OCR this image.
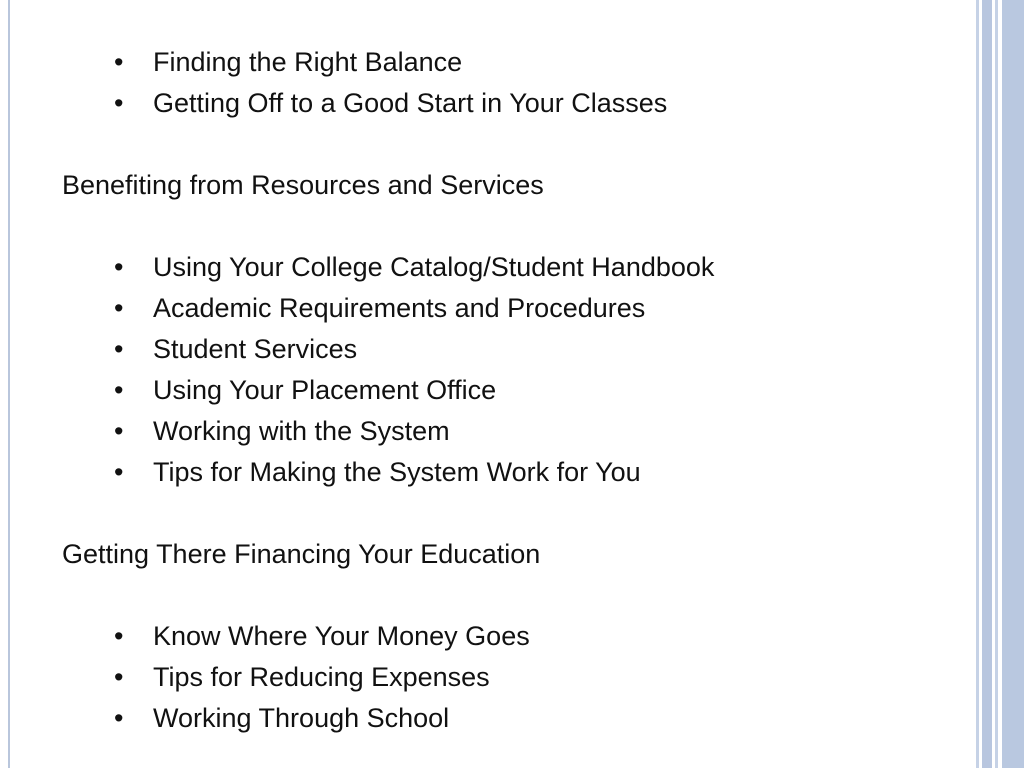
• Finding the Right Balance
• Getting Off to a Good Start in Your Classes

Benefiting from Resources and Services

• Using Your College Catalog/Student Handbook
• Academic Requirements and Procedures
• Student Services
• Using Your Placement Office
• Working with the System
• Tips for Making the System Work for You

Getting There Financing Your Education

• Know Where Your Money Goes
• Tips for Reducing Expenses
• Working Through School
